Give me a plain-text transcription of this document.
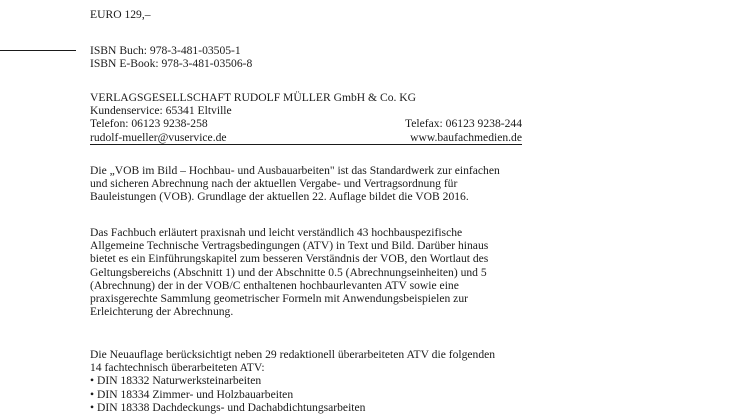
EURO 129,–
ISBN Buch: 978-3-481-03505-1
ISBN E-Book: 978-3-481-03506-8
VERLAGSGESELLSCHAFT RUDOLF MÜLLER GmbH & Co. KG
Kundenservice: 65341 Eltville
Telefon: 06123 9238-258	Telefax: 06123 9238-244
rudolf-mueller@vuservice.de	www.baufachmedien.de
Die „VOB im Bild – Hochbau- und Ausbauarbeiten" ist das Standardwerk zur einfachen
und sicheren Abrechnung nach der aktuellen Vergabe- und Vertragsordnung für
Bauleistungen (VOB). Grundlage der aktuellen 22. Auflage bildet die VOB 2016.
Das Fachbuch erläutert praxisnah und leicht verständlich 43 hochbauspezifische
Allgemeine Technische Vertragsbedingungen (ATV) in Text und Bild. Darüber hinaus
bietet es ein Einführungskapitel zum besseren Verständnis der VOB, den Wortlaut des
Geltungsbereichs (Abschnitt 1) und der Abschnitte 0.5 (Abrechnungseinheiten) und 5
(Abrechnung) der in der VOB/C enthaltenen hochbaurlevanten ATV sowie eine
praxisgerechte Sammlung geometrischer Formeln mit Anwendungsbeispielen zur
Erleichterung der Abrechnung.
Die Neuauflage berücksichtigt neben 29 redaktionell überarbeiteten ATV die folgenden
14 fachtechnisch überarbeiteten ATV:
• DIN 18332 Naturwerksteinarbeiten
• DIN 18334 Zimmer- und Holzbauarbeiten
• DIN 18338 Dachdeckungs- und Dachabdichtungsarbeiten
